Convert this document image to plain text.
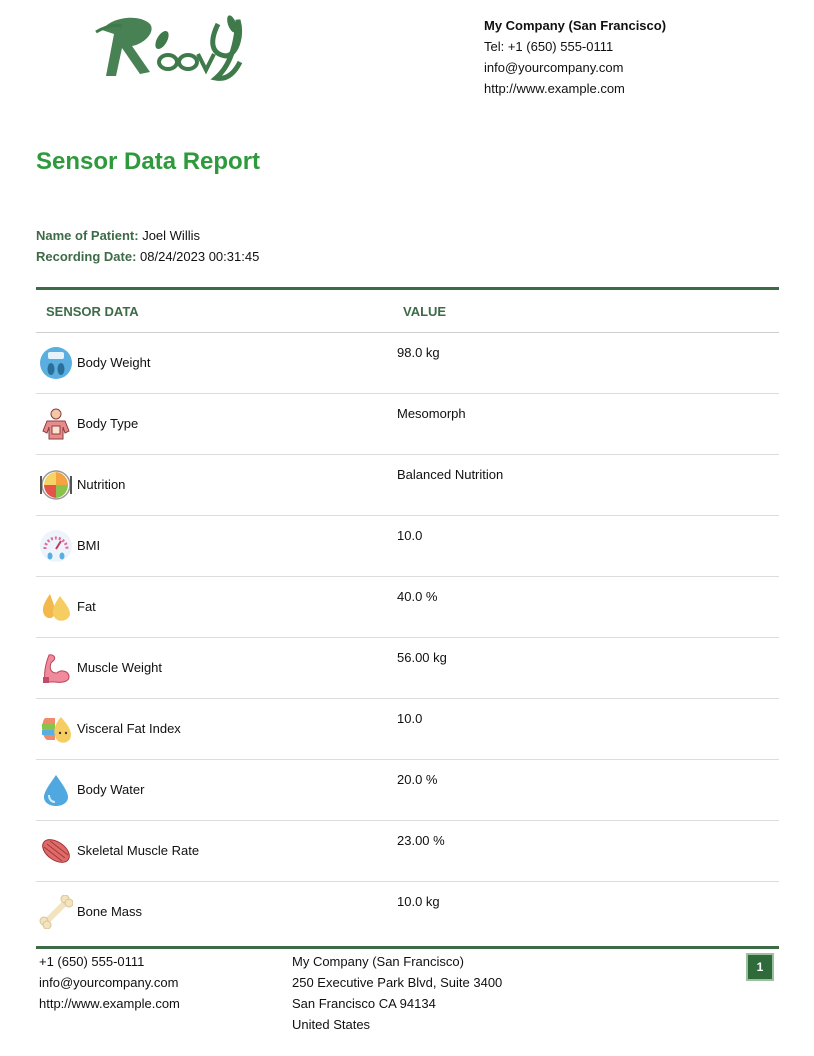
My Company (San Francisco)
Tel: +1 (650) 555-0111
info@yourcompany.com
http://www.example.com
Sensor Data Report
Name of Patient: Joel Willis
Recording Date: 08/24/2023 00:31:45
SENSOR DATA	VALUE
Body Weight
98.0 kg
Body Type
Mesomorph
Nutrition
Balanced Nutrition
BMI
10.0
Fat
40.0 %
Muscle Weight
56.00 kg
Visceral Fat Index
10.0
Body Water
20.0 %
Skeletal Muscle Rate
23.00 %
Bone Mass
10.0 kg
+1 (650) 555-0111
info@yourcompany.com
http://www.example.com
My Company (San Francisco)
250 Executive Park Blvd, Suite 3400
San Francisco CA 94134
United States
1
